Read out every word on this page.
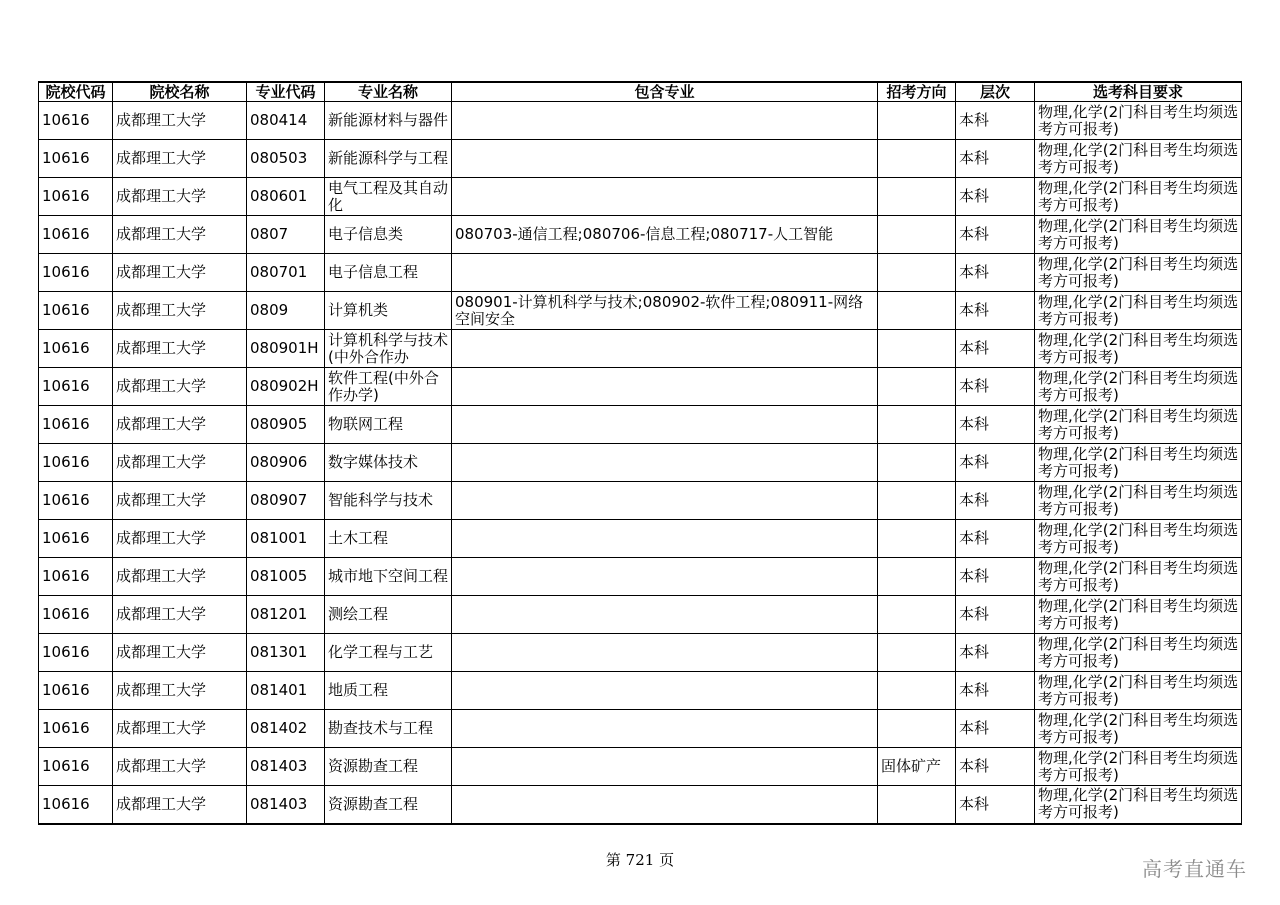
院校代码	院校名称	专业代码	专业名称	包含专业	招考方向	层次	选考科目要求

10616	成都理工大学	080414	新能源材料与器件			本科	物理,化学(2门科目考生均须选考方可报考)

10616	成都理工大学	080503	新能源科学与工程			本科	物理,化学(2门科目考生均须选考方可报考)

10616	成都理工大学	080601	电气工程及其自动化			本科	物理,化学(2门科目考生均须选考方可报考)

10616	成都理工大学	0807	电子信息类	080703-通信工程;080706-信息工程;080717-人工智能		本科	物理,化学(2门科目考生均须选考方可报考)

10616	成都理工大学	080701	电子信息工程			本科	物理,化学(2门科目考生均须选考方可报考)

10616	成都理工大学	0809	计算机类	080901-计算机科学与技术;080902-软件工程;080911-网络空间安全		本科	物理,化学(2门科目考生均须选考方可报考)

10616	成都理工大学	080901H	计算机科学与技术(中外合作办			本科	物理,化学(2门科目考生均须选考方可报考)

10616	成都理工大学	080902H	软件工程(中外合作办学)			本科	物理,化学(2门科目考生均须选考方可报考)

10616	成都理工大学	080905	物联网工程			本科	物理,化学(2门科目考生均须选考方可报考)

10616	成都理工大学	080906	数字媒体技术			本科	物理,化学(2门科目考生均须选考方可报考)

10616	成都理工大学	080907	智能科学与技术			本科	物理,化学(2门科目考生均须选考方可报考)

10616	成都理工大学	081001	土木工程			本科	物理,化学(2门科目考生均须选考方可报考)

10616	成都理工大学	081005	城市地下空间工程			本科	物理,化学(2门科目考生均须选考方可报考)

10616	成都理工大学	081201	测绘工程			本科	物理,化学(2门科目考生均须选考方可报考)

10616	成都理工大学	081301	化学工程与工艺			本科	物理,化学(2门科目考生均须选考方可报考)

10616	成都理工大学	081401	地质工程			本科	物理,化学(2门科目考生均须选考方可报考)

10616	成都理工大学	081402	勘查技术与工程			本科	物理,化学(2门科目考生均须选考方可报考)

10616	成都理工大学	081403	资源勘查工程		固体矿产	本科	物理,化学(2门科目考生均须选考方可报考)

10616	成都理工大学	081403	资源勘查工程			本科	物理,化学(2门科目考生均须选考方可报考)
第 721 页	高考直通车
